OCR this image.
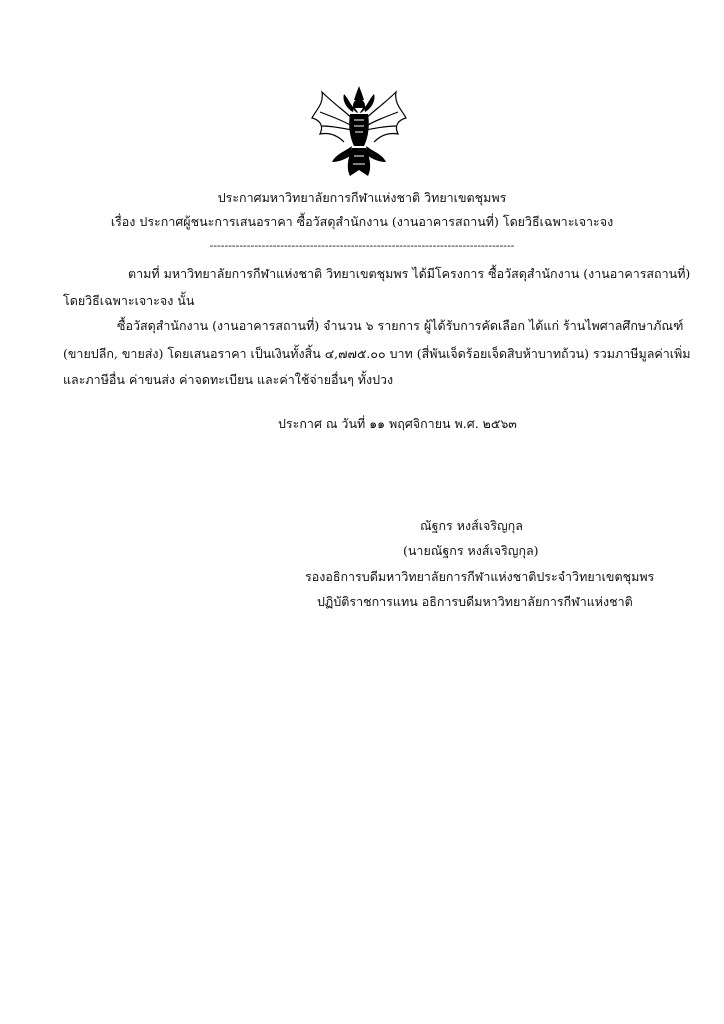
ประกาศมหาวิทยาลัยการกีฬาแห่งชาติ วิทยาเขตชุมพร
เรื่อง ประกาศผู้ชนะการเสนอราคา ซื้อวัสดุสำนักงาน (งานอาคารสถานที่) โดยวิธีเฉพาะเจาะจง
----------------------------------------------------------------------------------
ตามที่ มหาวิทยาลัยการกีฬาแห่งชาติ วิทยาเขตชุมพร ได้มีโครงการ ซื้อวัสดุสำนักงาน (งานอาคารสถานที่)
โดยวิธีเฉพาะเจาะจง นั้น
ซื้อวัสดุสำนักงาน (งานอาคารสถานที่) จำนวน ๖ รายการ ผู้ได้รับการคัดเลือก ได้แก่ ร้านไพศาลศึกษาภัณฑ์
(ขายปลีก, ขายส่ง) โดยเสนอราคา เป็นเงินทั้งสิ้น ๔,๗๗๕.๐๐ บาท (สี่พันเจ็ดร้อยเจ็ดสิบห้าบาทถ้วน) รวมภาษีมูลค่าเพิ่ม
และภาษีอื่น ค่าขนส่ง ค่าจดทะเบียน และค่าใช้จ่ายอื่นๆ ทั้งปวง
ประกาศ ณ วันที่ ๑๑ พฤศจิกายน พ.ศ. ๒๕๖๓
ณัฐกร หงส์เจริญกุล
(นายณัฐกร หงส์เจริญกุล)
รองอธิการบดีมหาวิทยาลัยการกีฬาแห่งชาติประจำวิทยาเขตชุมพร
ปฏิบัติราชการแทน อธิการบดีมหาวิทยาลัยการกีฬาแห่งชาติ
